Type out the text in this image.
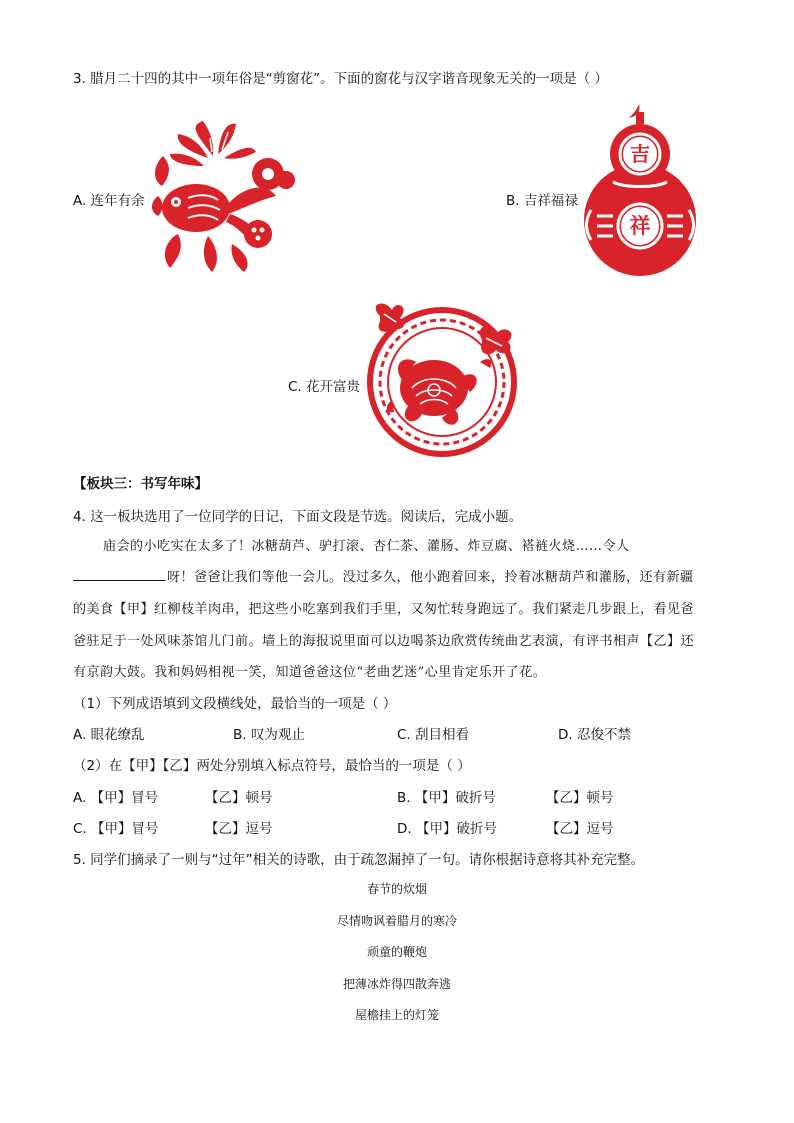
3. 腊月二十四的其中一项年俗是“剪窗花”。下面的窗花与汉字谐音现象无关的一项是（ ）
A. 连年有余	B. 吉祥福禄
吉
祥
C. 花开富贵
【板块三：书写年味】
4. 这一板块选用了一位同学的日记，下面文段是节选。阅读后，完成小题。
庙会的小吃实在太多了！冰糖葫芦、驴打滚、杏仁茶、灌肠、炸豆腐、褡裢火烧……令人
呀！爸爸让我们等他一会儿。没过多久，他小跑着回来，拎着冰糖葫芦和灌肠，还有新疆
的美食【甲】红柳枝羊肉串，把这些小吃塞到我们手里，又匆忙转身跑远了。我们紧走几步跟上，看见爸
爸驻足于一处风味茶馆儿门前。墙上的海报说里面可以边喝茶边欣赏传统曲艺表演，有评书相声【乙】还
有京韵大鼓。我和妈妈相视一笑，知道爸爸这位“老曲艺迷”心里肯定乐开了花。
（1）下列成语填到文段横线处，最恰当的一项是（ ）
A. 眼花缭乱	B. 叹为观止	C. 刮目相看	D. 忍俊不禁
（2）在【甲】【乙】两处分别填入标点符号，最恰当的一项是（ ）
A. 【甲】冒号	【乙】顿号	B. 【甲】破折号	【乙】顿号
C. 【甲】冒号	【乙】逗号	D. 【甲】破折号	【乙】逗号
5. 同学们摘录了一则与“过年”相关的诗歌，由于疏忽漏掉了一句。请你根据诗意将其补充完整。
春节的炊烟
尽情吻讽着腊月的寒冷
顽童的鞭炮
把薄冰炸得四散奔逃
屋檐挂上的灯笼
